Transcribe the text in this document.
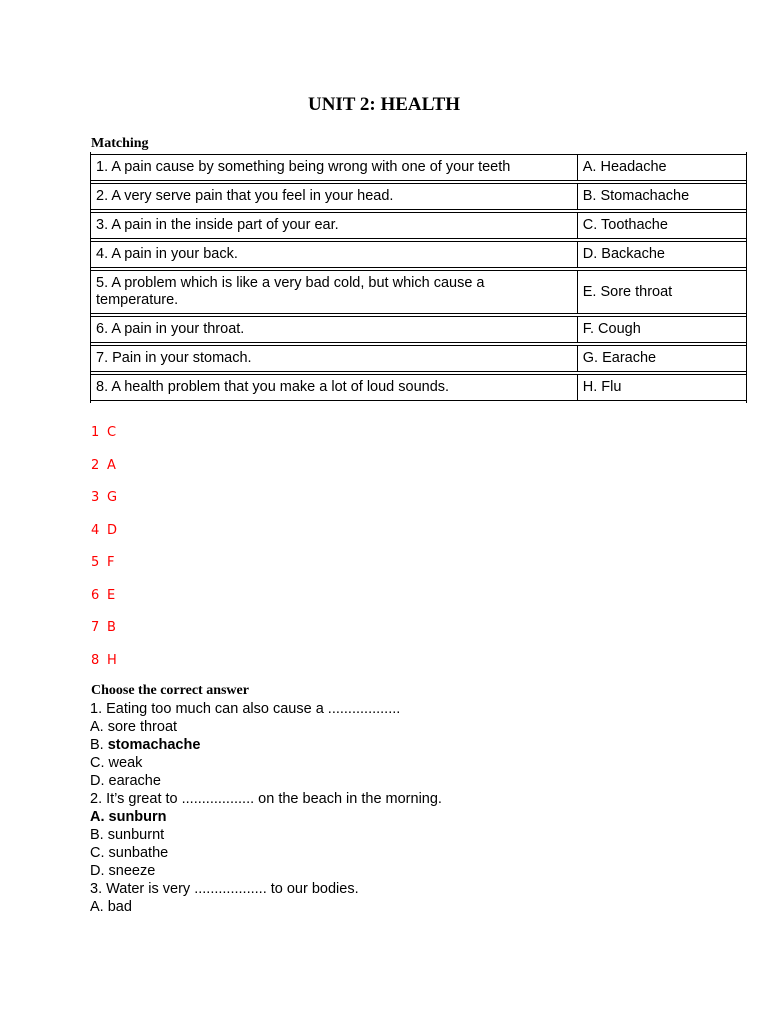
UNIT 2: HEALTH
Matching
1. A pain cause by something being wrong with one of your teeth	A. Headache
2. A very serve pain that you feel in your head.	B. Stomachache
3. A pain in the inside part of your ear.	C. Toothache
4. A pain in your back.	D. Backache

5. A problem which is like a very bad cold, but which cause a
temperature.	E. Sore throat
6. A pain in your throat.	F. Cough
7. Pain in your stomach.	G. Earache
8. A health problem that you make a lot of loud sounds.	H. Flu
1 C
2 A
3 G
4 D
5 F
6 E
7 B
8 H
Choose the correct answer
1. Eating too much can also cause a ..................
A. sore throat
B. stomachache
C. weak
D. earache
2. It’s great to .................. on the beach in the morning.
A. sunburn
B. sunburnt
C. sunbathe
D. sneeze
3. Water is very .................. to our bodies.
A. bad
